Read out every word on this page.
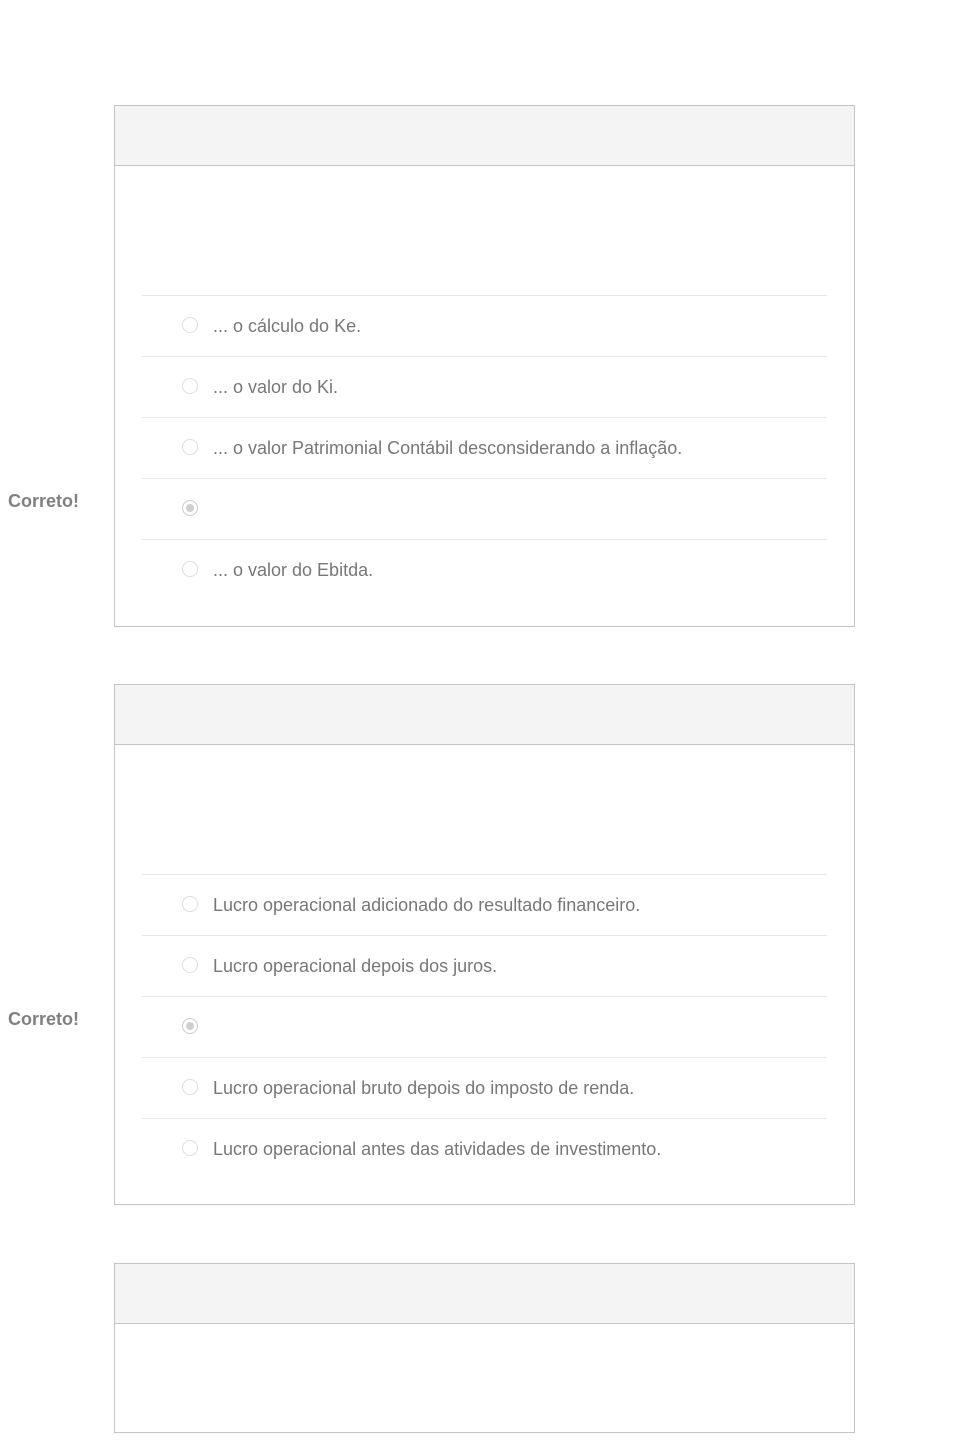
Correto!
... o cálculo do Ke.
... o valor do Ki.
... o valor Patrimonial Contábil desconsiderando a inflação.
... o valor do Ebitda.
Correto!
Lucro operacional adicionado do resultado financeiro.
Lucro operacional depois dos juros.
Lucro operacional bruto depois do imposto de renda.
Lucro operacional antes das atividades de investimento.
